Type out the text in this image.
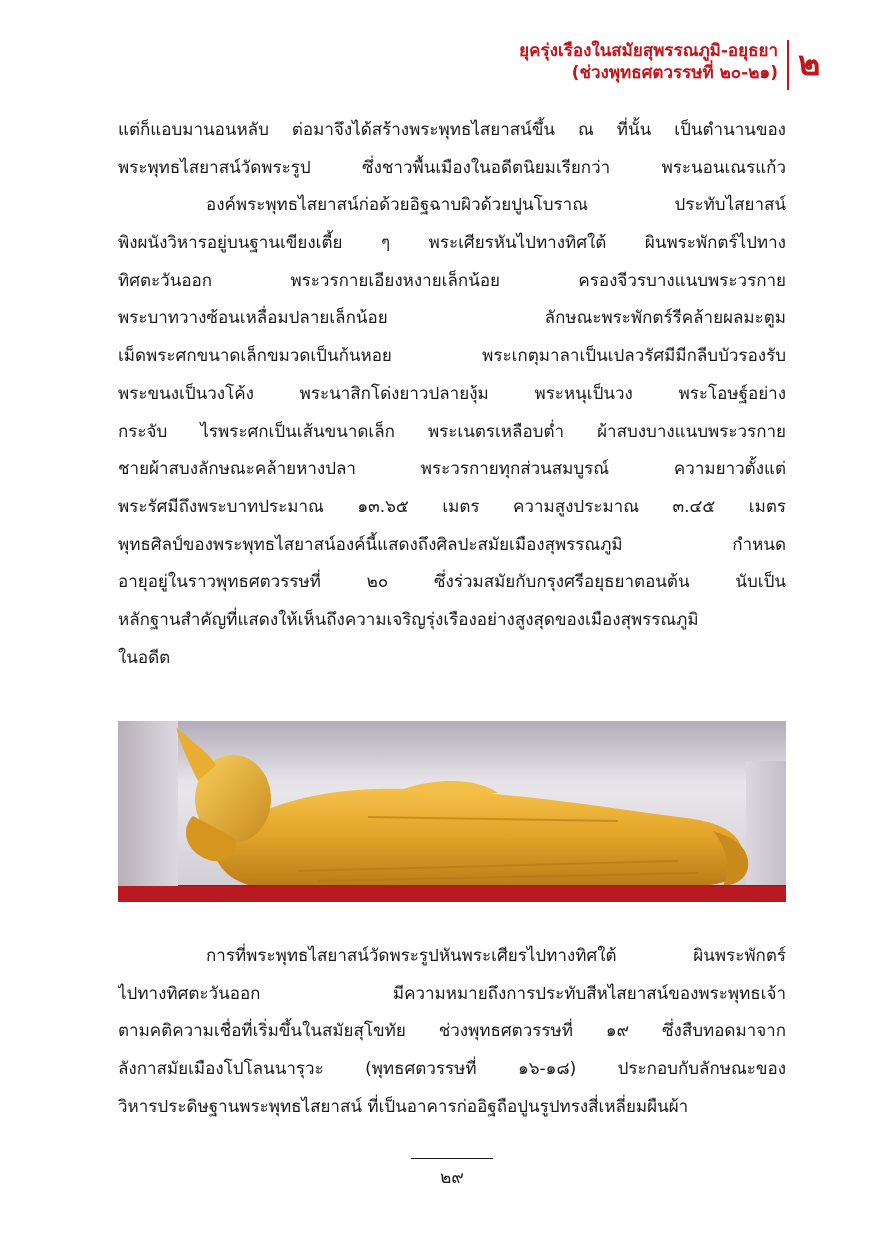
ยุครุ่งเรืองในสมัยสุพรรณภูมิ-อยุธยา
(ช่วงพุทธศตวรรษที่ ๒๐-๒๑) ๒

แต่ก็แอบมานอนหลับ ต่อมาจึงได้สร้างพระพุทธไสยาสน์ขึ้น ณ ที่นั้น เป็นตำนานของ

พระพุทธไสยาสน์วัดพระรูป ซึ่งชาวพื้นเมืองในอดีตนิยมเรียกว่า พระนอนเณรแก้ว

องค์พระพุทธไสยาสน์ก่อด้วยอิฐฉาบผิวด้วยปูนโบราณ ประทับไสยาสน์

พิงผนังวิหารอยู่บนฐานเขียงเตี้ย ๆ พระเศียรหันไปทางทิศใต้ ผินพระพักตร์ไปทาง

ทิศตะวันออก พระวรกายเอียงหงายเล็กน้อย ครองจีวรบางแนบพระวรกาย

พระบาทวางซ้อนเหลื่อมปลายเล็กน้อย ลักษณะพระพักตร์รีคล้ายผลมะตูม

เม็ดพระศกขนาดเล็กขมวดเป็นก้นหอย พระเกตุมาลาเป็นเปลวรัศมีมีกลีบบัวรองรับ

พระขนงเป็นวงโค้ง พระนาสิกโด่งยาวปลายงุ้ม พระหนุเป็นวง พระโอษฐ์อย่าง

กระจับ ไรพระศกเป็นเส้นขนาดเล็ก พระเนตรเหลือบต่ำ ผ้าสบงบางแนบพระวรกาย

ชายผ้าสบงลักษณะคล้ายหางปลา พระวรกายทุกส่วนสมบูรณ์ ความยาวตั้งแต่

พระรัศมีถึงพระบาทประมาณ ๑๓.๖๕ เมตร ความสูงประมาณ ๓.๔๕ เมตร

พุทธศิลป์ของพระพุทธไสยาสน์องค์นี้แสดงถึงศิลปะสมัยเมืองสุพรรณภูมิ กำหนด

อายุอยู่ในราวพุทธศตวรรษที่ ๒๐ ซึ่งร่วมสมัยกับกรุงศรีอยุธยาตอนต้น นับเป็น

หลักฐานสำคัญที่แสดงให้เห็นถึงความเจริญรุ่งเรืองอย่างสูงสุดของเมืองสุพรรณภูมิ

ในอดีต

การที่พระพุทธไสยาสน์วัดพระรูปหันพระเศียรไปทางทิศใต้ ผินพระพักตร์

ไปทางทิศตะวันออก มีความหมายถึงการประทับสีหไสยาสน์ของพระพุทธเจ้า

ตามคติความเชื่อที่เริ่มขึ้นในสมัยสุโขทัย ช่วงพุทธศตวรรษที่ ๑๙ ซึ่งสืบทอดมาจาก

ลังกาสมัยเมืองโปโลนนารุวะ (พุทธศตวรรษที่ ๑๖-๑๘) ประกอบกับลักษณะของ

วิหารประดิษฐานพระพุทธไสยาสน์ ที่เป็นอาคารก่ออิฐถือปูนรูปทรงสี่เหลี่ยมผืนผ้า

๒๙
